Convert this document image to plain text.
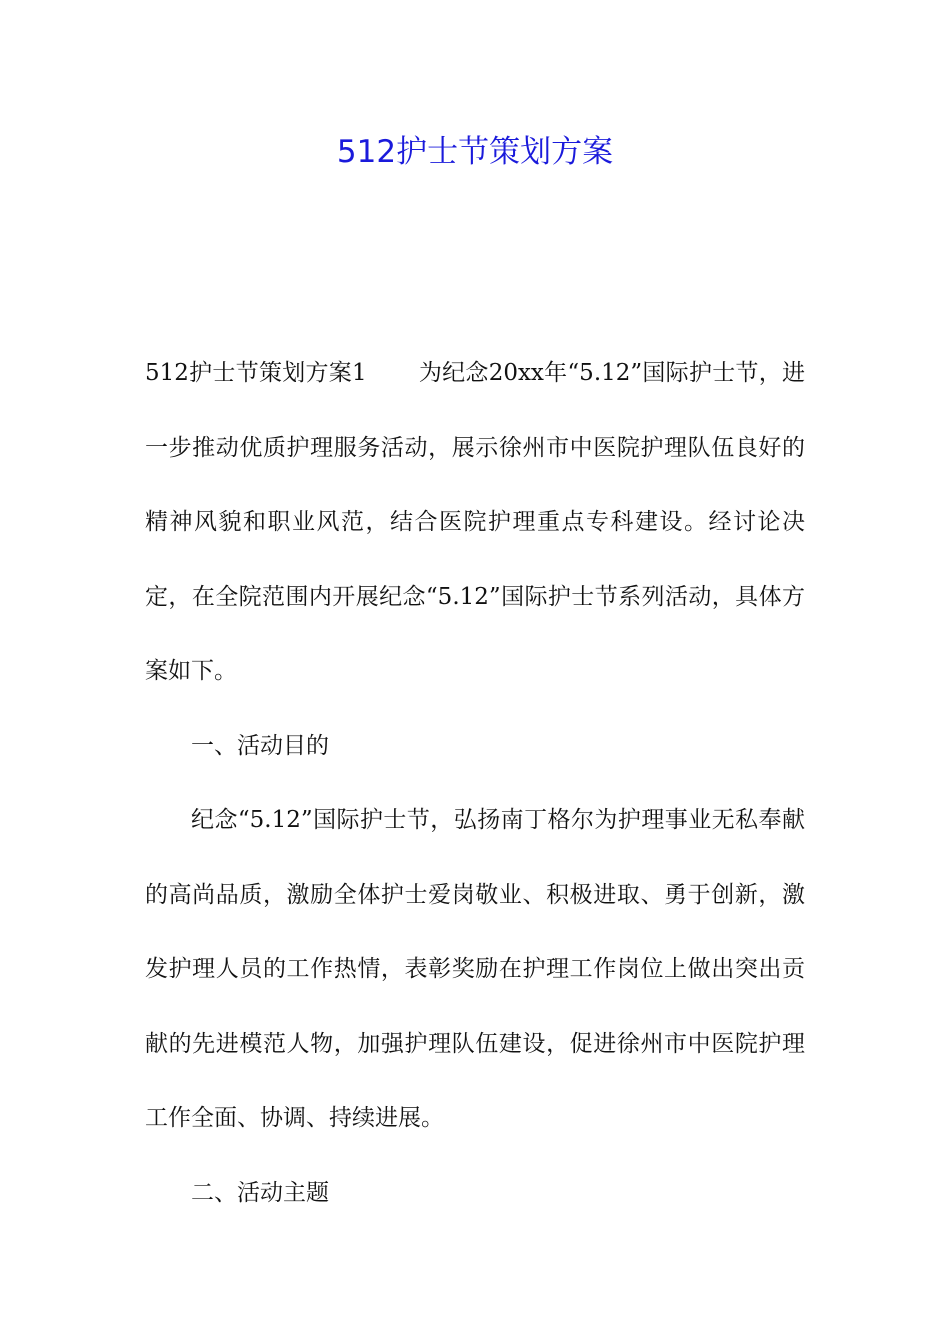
512护士节策划方案

512护士节策划方案1 为纪念20xx年“5.12”国际护士节，进一步推动优质护理服务活动，展示徐州市中医院护理队伍良好的精神风貌和职业风范，结合医院护理重点专科建设。经讨论决定，在全院范围内开展纪念“5.12”国际护士节系列活动，具体方案如下。

一、活动目的

纪念“5.12”国际护士节，弘扬南丁格尔为护理事业无私奉献的高尚品质，激励全体护士爱岗敬业、积极进取、勇于创新，激发护理人员的工作热情，表彰奖励在护理工作岗位上做出突出贡献的先进模范人物，加强护理队伍建设，促进徐州市中医院护理工作全面、协调、持续进展。

二、活动主题
